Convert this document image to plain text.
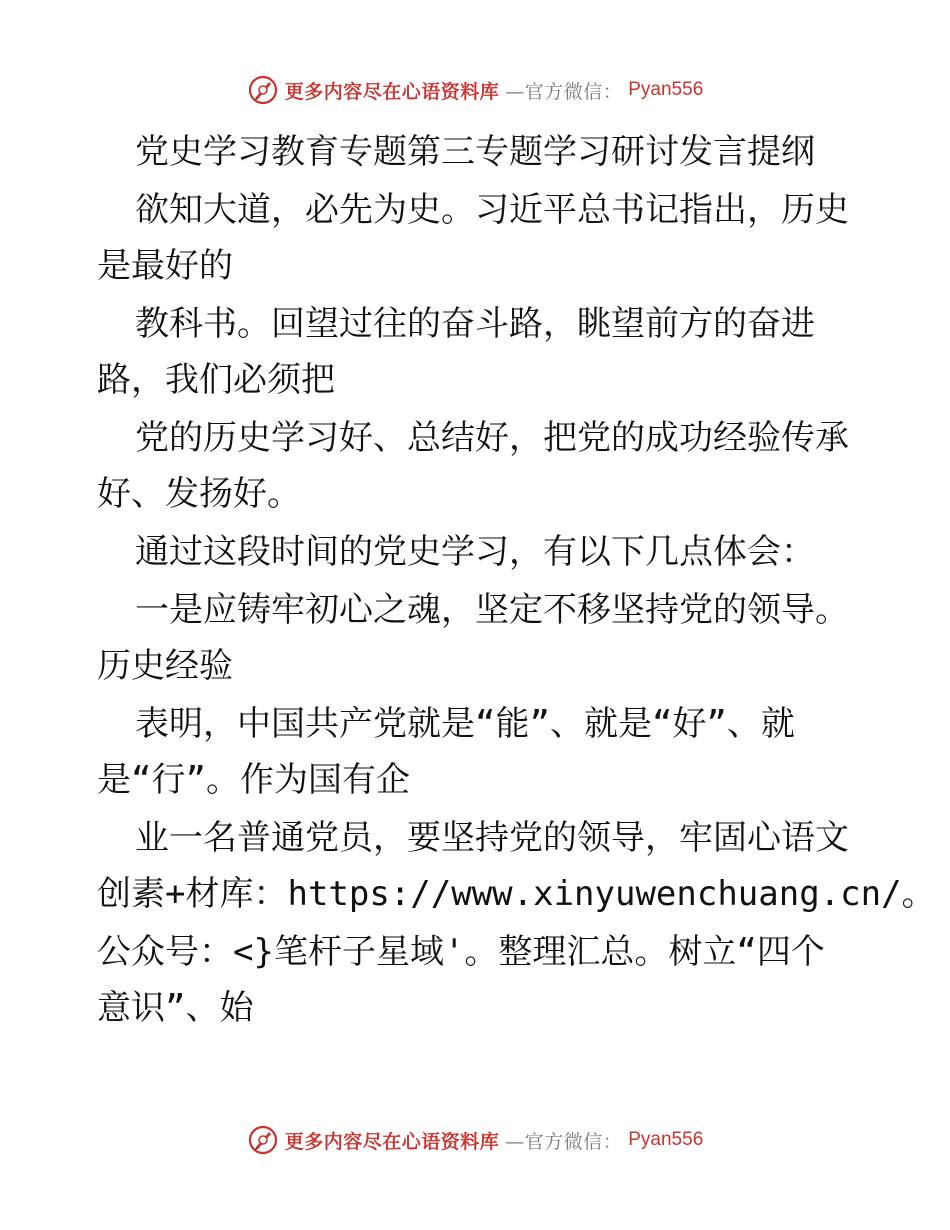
更多内容尽在心语资料库 —官方微信： Pyan556
党史学习教育专题第三专题学习研讨发言提纲
欲知大道，必先为史。习近平总书记指出，历史
是最好的
教科书。回望过往的奋斗路，眺望前方的奋进
路，我们必须把
党的历史学习好、总结好，把党的成功经验传承
好、发扬好。
通过这段时间的党史学习，有以下几点体会：
一是应铸牢初心之魂，坚定不移坚持党的领导。
历史经验
表明，中国共产党就是“能”、就是“好”、就
是“行”。作为国有企
业一名普通党员，要坚持党的领导，牢固心语文
创素+材库：https://www.xinyuwenchuang.cn/。
公众号：<}笔杆子星域'。整理汇总。树立“四个
意识”、始
更多内容尽在心语资料库 —官方微信： Pyan556
